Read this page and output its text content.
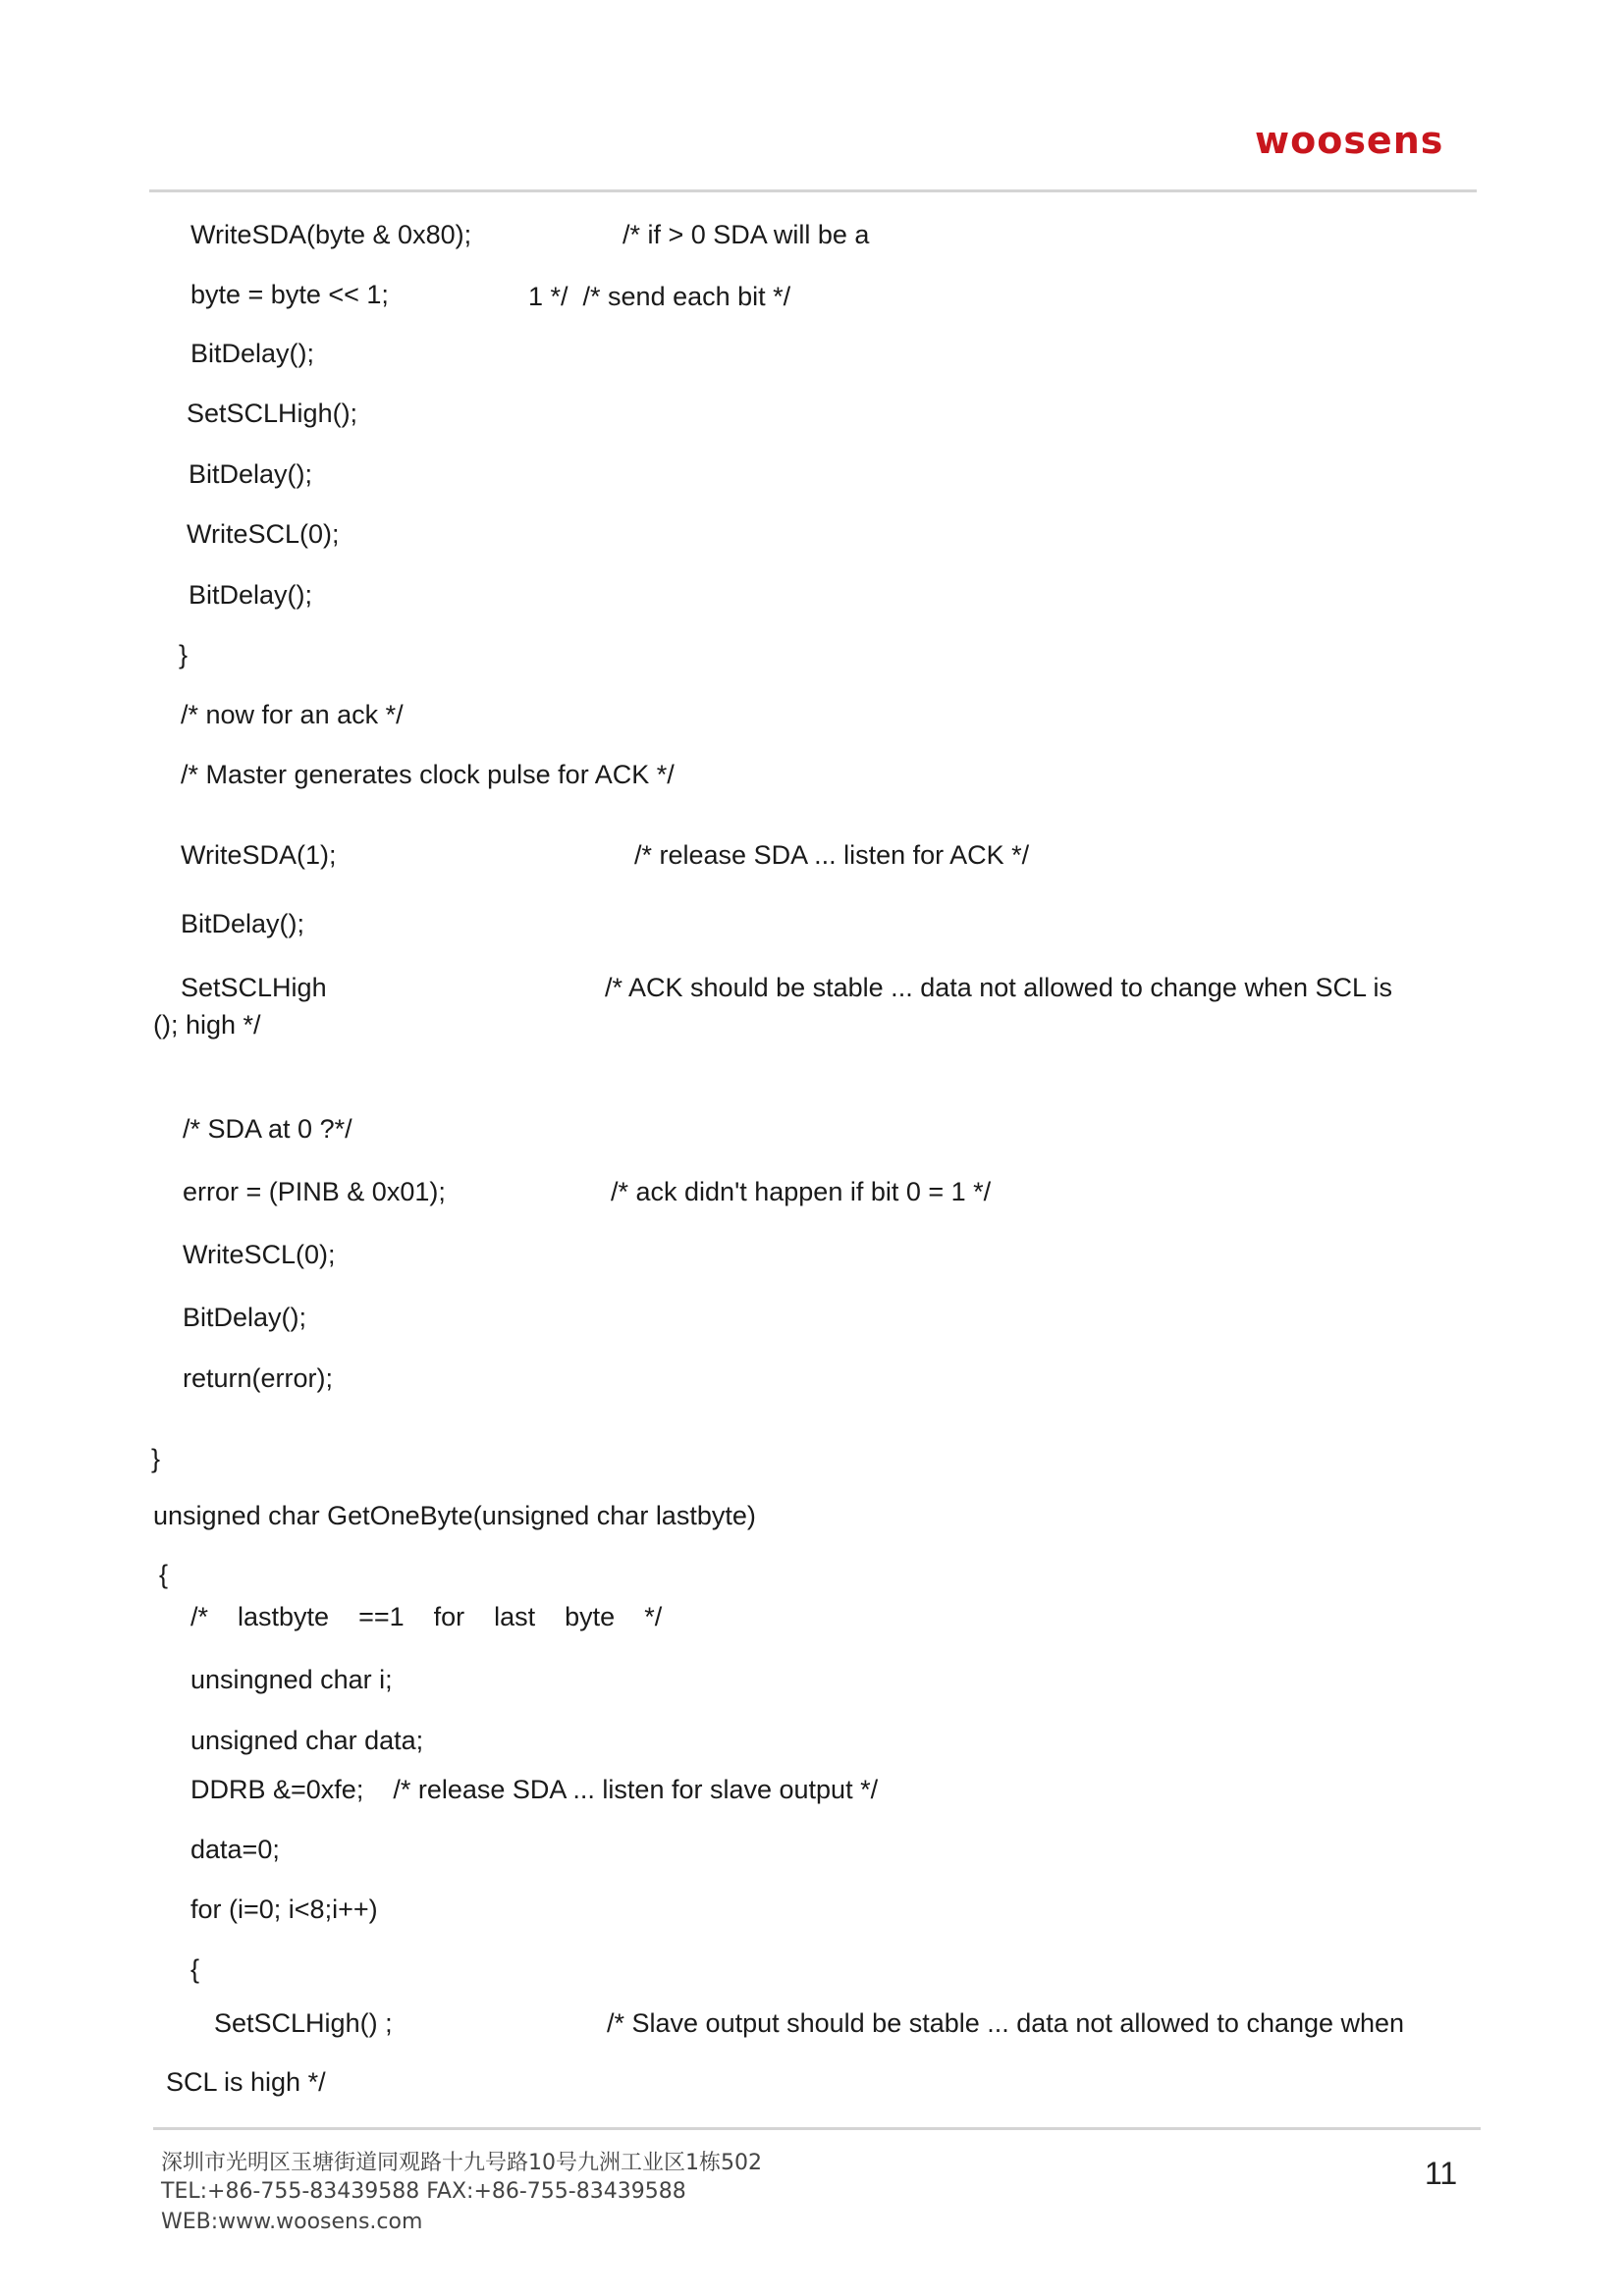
woosens
WriteSDA(byte & 0x80);	/* if > 0 SDA will be a
byte = byte << 1;	1 */  /* send each bit */
BitDelay();
SetSCLHigh();
BitDelay();
WriteSCL(0);
BitDelay();
}
/* now for an ack */
/* Master generates clock pulse for ACK */
WriteSDA(1);	/* release SDA ... listen for ACK */
BitDelay();
SetSCLHigh	/* ACK should be stable ... data not allowed to change when SCL is
(); high */
/* SDA at 0 ?*/
error = (PINB & 0x01);	/* ack didn't happen if bit 0 = 1 */
WriteSCL(0);
BitDelay();
return(error);
}
unsigned char GetOneByte(unsigned char lastbyte)
{
/*    lastbyte    ==1    for    last    byte    */
unsingned char i;
unsigned char data;
DDRB &=0xfe;    /* release SDA ... listen for slave output */
data=0;
for (i=0; i<8;i++)
{
SetSCLHigh() ;	/* Slave output should be stable ... data not allowed to change when
SCL is high */
深圳市光明区玉塘街道同观路十九号路10号九洲工业区1栋502
TEL:+86-755-83439588 FAX:+86-755-83439588
WEB:www.woosens.com
11
